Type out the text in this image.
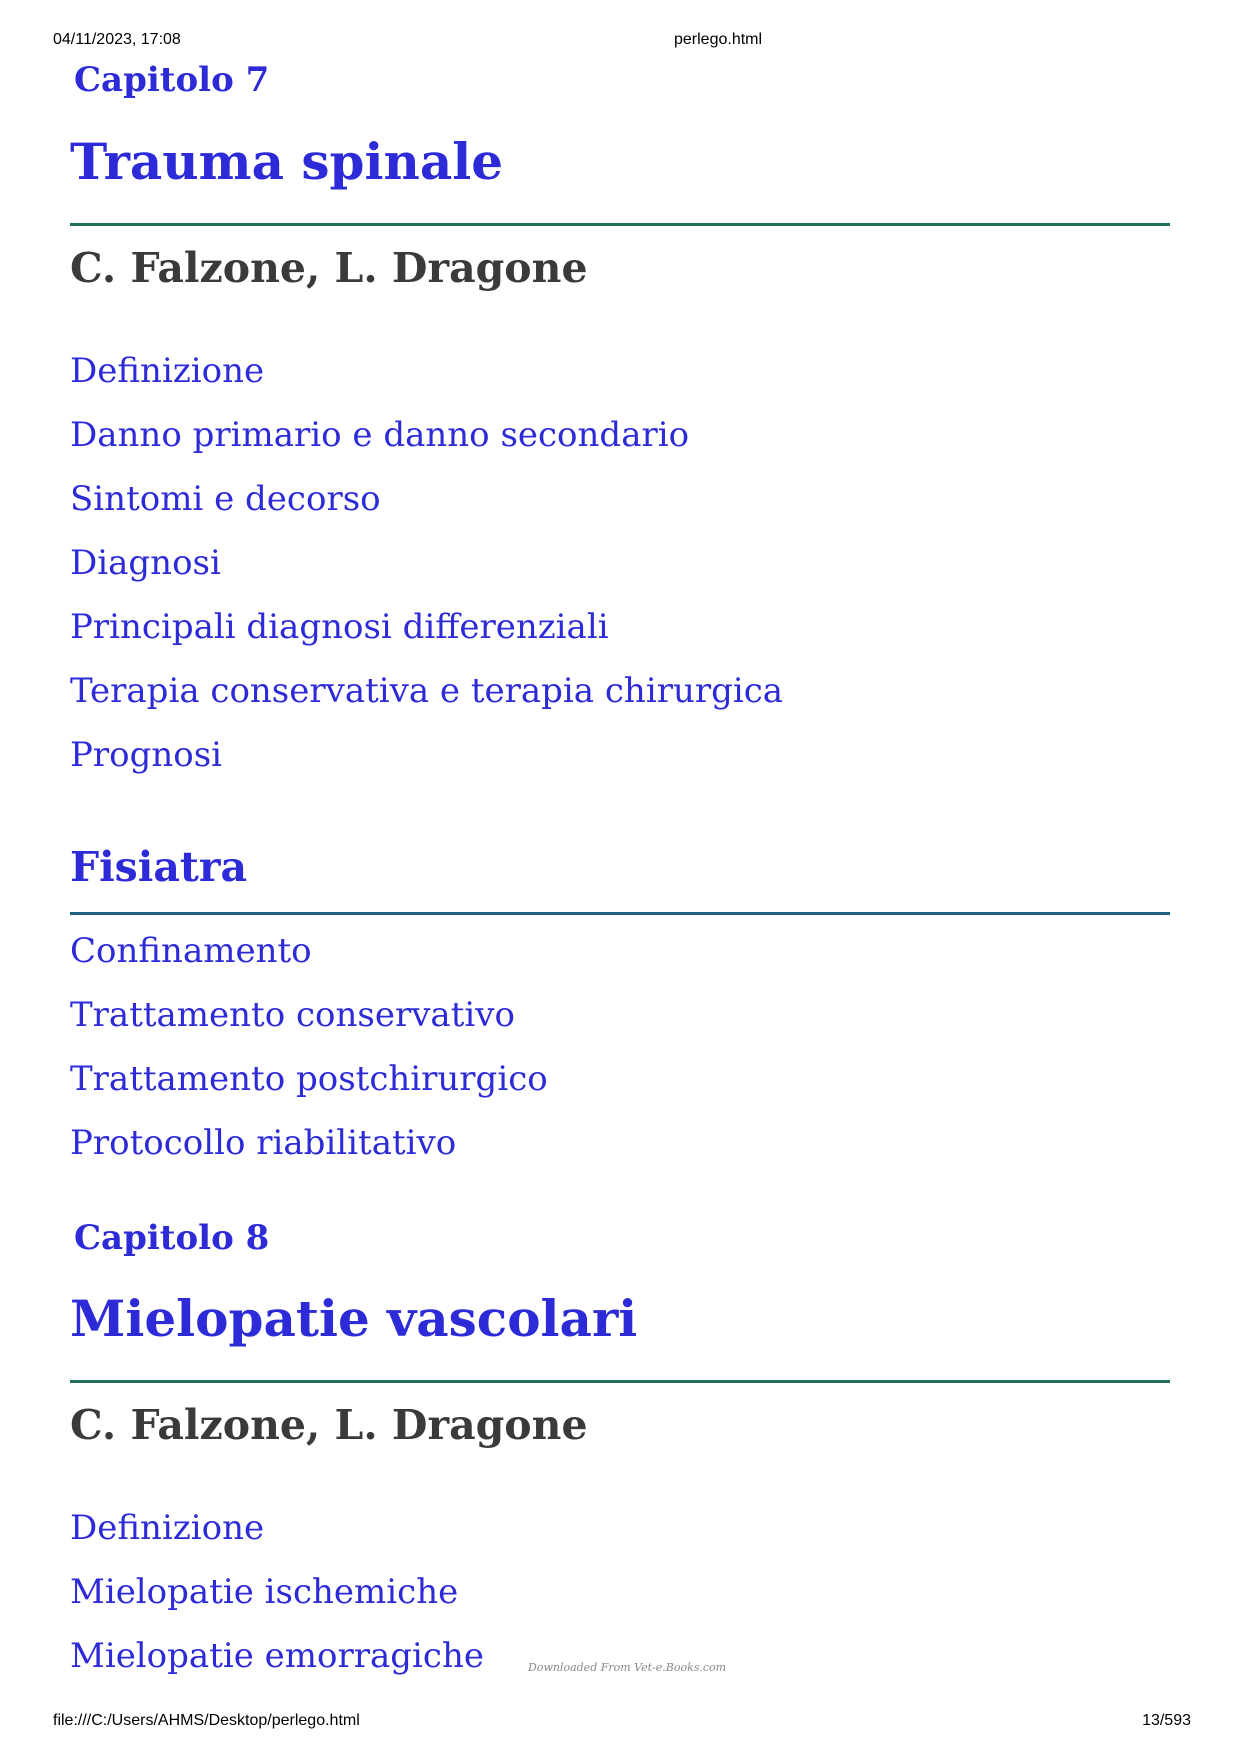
04/11/2023, 17:08	perlego.html
Capitolo 7
Trauma spinale
C. Falzone, L. Dragone
Definizione
Danno primario e danno secondario
Sintomi e decorso
Diagnosi
Principali diagnosi differenziali
Terapia conservativa e terapia chirurgica
Prognosi
Fisiatra
Confinamento
Trattamento conservativo
Trattamento postchirurgico
Protocollo riabilitativo
Capitolo 8
Mielopatie vascolari
C. Falzone, L. Dragone
Definizione
Mielopatie ischemiche
Mielopatie emorragiche	Downloaded From Vet-e.Books.com
file:///C:/Users/AHMS/Desktop/perlego.html	13/593
